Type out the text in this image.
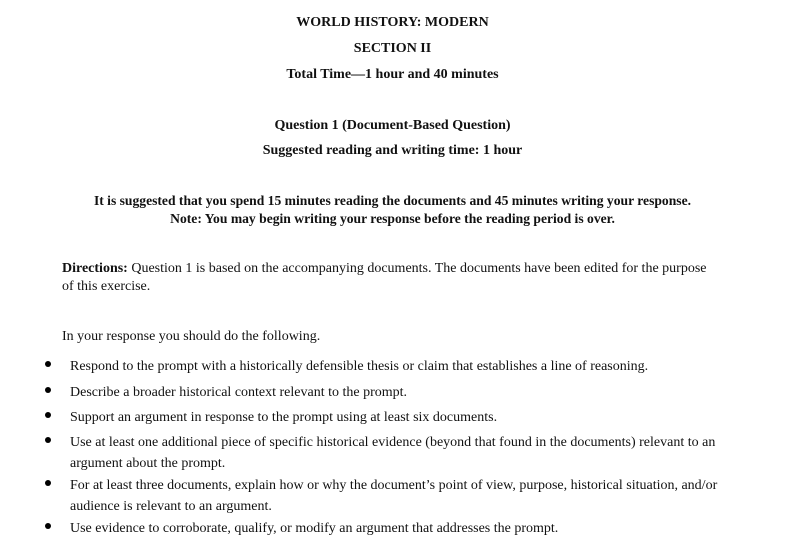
WORLD HISTORY: MODERN
SECTION II
Total Time—1 hour and 40 minutes
Question 1 (Document-Based Question)
Suggested reading and writing time: 1 hour
It is suggested that you spend 15 minutes reading the documents and 45 minutes writing your response.
Note: You may begin writing your response before the reading period is over.
Directions: Question 1 is based on the accompanying documents. The documents have been edited for the purpose of this exercise.
In your response you should do the following.
Respond to the prompt with a historically defensible thesis or claim that establishes a line of reasoning.
Describe a broader historical context relevant to the prompt.
Support an argument in response to the prompt using at least six documents.
Use at least one additional piece of specific historical evidence (beyond that found in the documents) relevant to an argument about the prompt.
For at least three documents, explain how or why the document’s point of view, purpose, historical situation, and/or audience is relevant to an argument.
Use evidence to corroborate, qualify, or modify an argument that addresses the prompt.
